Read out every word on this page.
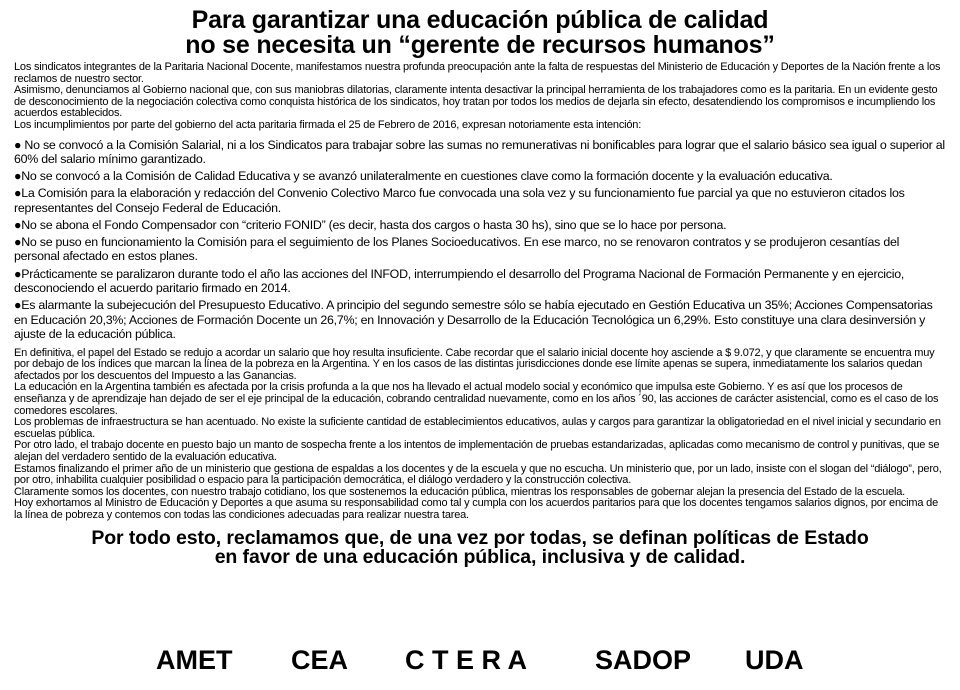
Para garantizar una educación pública de calidad
no se necesita un “gerente de recursos humanos”

Los sindicatos integrantes de la Paritaria Nacional Docente, manifestamos nuestra profunda preocupación ante la falta de respuestas del Ministerio de Educación y Deportes de la Nación frente a los reclamos de nuestro sector.

Asimismo, denunciamos al Gobierno nacional que, con sus maniobras dilatorias, claramente intenta desactivar la principal herramienta de los trabajadores como es la paritaria. En un evidente gesto de desconocimiento de la negociación colectiva como conquista histórica de los sindicatos, hoy tratan por todos los medios de dejarla sin efecto, desatendiendo los compromisos e incumpliendo los acuerdos establecidos.

Los incumplimientos por parte del gobierno del acta paritaria firmada el 25 de Febrero de 2016, expresan notoriamente esta intención:

● No se convocó a la Comisión Salarial, ni a los Sindicatos para trabajar sobre las sumas no remunerativas ni bonificables para lograr que el salario básico sea igual o superior al 60% del salario mínimo garantizado.

●No se convocó a la Comisión de Calidad Educativa y se avanzó unilateralmente en cuestiones clave como la formación docente y la evaluación educativa.

●La Comisión para la elaboración y redacción del Convenio Colectivo Marco fue convocada una sola vez y su funcionamiento fue parcial ya que no estuvieron citados los representantes del Consejo Federal de Educación.

●No se abona el Fondo Compensador con “criterio FONID” (es decir, hasta dos cargos o hasta 30 hs), sino que se lo hace por persona.

●No se puso en funcionamiento la Comisión para el seguimiento de los Planes Socioeducativos. En ese marco, no se renovaron contratos y se produjeron cesantías del personal afectado en estos planes.

●Prácticamente se paralizaron durante todo el año las acciones del INFOD, interrumpiendo el desarrollo del Programa Nacional de Formación Permanente y en ejercicio, desconociendo el acuerdo paritario firmado en 2014.

●Es alarmante la subejecución del Presupuesto Educativo. A principio del segundo semestre sólo se había ejecutado en Gestión Educativa un 35%; Acciones Compensatorias en Educación 20,3%; Acciones de Formación Docente un 26,7%; en Innovación y Desarrollo de la Educación Tecnológica un 6,29%. Esto constituye una clara desinversión y ajuste de la educación pública.

En definitiva, el papel del Estado se redujo a acordar un salario que hoy resulta insuficiente. Cabe recordar que el salario inicial docente hoy asciende a $ 9.072, y que claramente se encuentra muy por debajo de los índices que marcan la línea de la pobreza en la Argentina. Y en los casos de las distintas jurisdicciones donde ese límite apenas se supera, inmediatamente los salarios quedan afectados por los descuentos del Impuesto a las Ganancias.

La educación en la Argentina también es afectada por la crisis profunda a la que nos ha llevado el actual modelo social y económico que impulsa este Gobierno. Y es así que los procesos de enseñanza y de aprendizaje han dejado de ser el eje principal de la educación, cobrando centralidad nuevamente, como en los años ´90, las acciones de carácter asistencial, como es el caso de los comedores escolares.

Los problemas de infraestructura se han acentuado. No existe la suficiente cantidad de establecimientos educativos, aulas y cargos para garantizar la obligatoriedad en el nivel inicial y secundario en escuelas pública.

Por otro lado, el trabajo docente en puesto bajo un manto de sospecha frente a los intentos de implementación de pruebas estandarizadas, aplicadas como mecanismo de control y punitivas, que se alejan del verdadero sentido de la evaluación educativa.

Estamos finalizando el primer año de un ministerio que gestiona de espaldas a los docentes y de la escuela y que no escucha. Un ministerio que, por un lado, insiste con el slogan del “diálogo”, pero, por otro, inhabilita cualquier posibilidad o espacio para la participación democrática, el diálogo verdadero y la construcción colectiva.

Claramente somos los docentes, con nuestro trabajo cotidiano, los que sostenemos la educación pública, mientras los responsables de gobernar alejan la presencia del Estado de la escuela.

Hoy exhortamos al Ministro de Educación y Deportes a que asuma su responsabilidad como tal y cumpla con los acuerdos paritarios para que los docentes tengamos salarios dignos, por encima de la línea de pobreza y contemos con todas las condiciones adecuadas para realizar nuestra tarea.

Por todo esto, reclamamos que, de una vez por todas, se definan políticas de Estado
en favor de una educación pública, inclusiva y de calidad.
AMET CEA C T E R A	SADOP UDA
